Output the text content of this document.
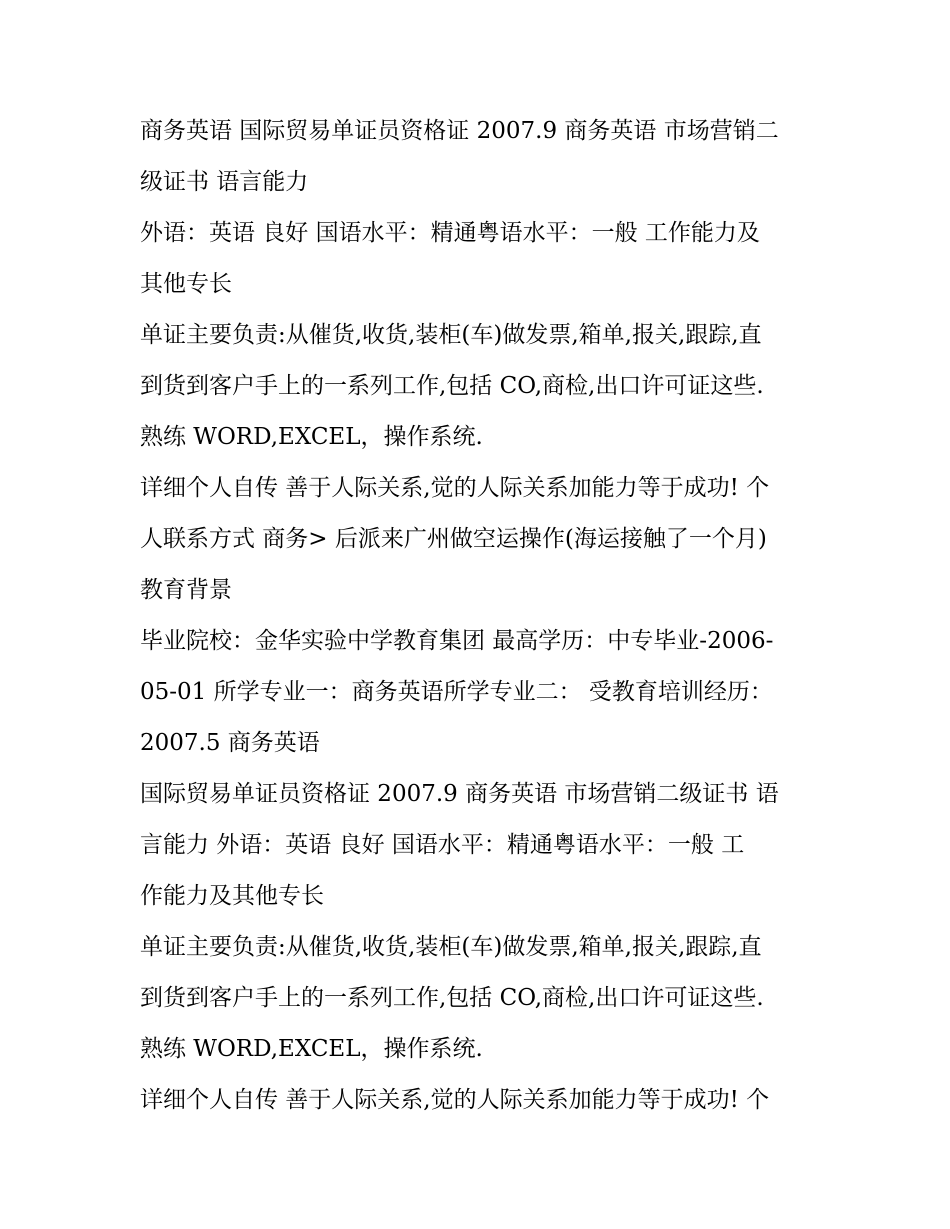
商务英语 国际贸易单证员资格证 2007.9 商务英语 市场营销二
级证书 语言能力
外语：英语 良好 国语水平：精通粤语水平：一般 工作能力及
其他专长
单证主要负责:从催货,收货,装柜(车)做发票,箱单,报关,跟踪,直
到货到客户手上的一系列工作,包括 CO,商检,出口许可证这些.
熟练 WORD,EXCEL，操作系统.
详细个人自传 善于人际关系,觉的人际关系加能力等于成功! 个
人联系方式 商务> 后派来广州做空运操作(海运接触了一个月)
教育背景
毕业院校：金华实验中学教育集团 最高学历：中专毕业-2006-
05-01 所学专业一：商务英语所学专业二： 受教育培训经历：
2007.5 商务英语
国际贸易单证员资格证 2007.9 商务英语 市场营销二级证书 语
言能力 外语：英语 良好 国语水平：精通粤语水平：一般 工
作能力及其他专长
单证主要负责:从催货,收货,装柜(车)做发票,箱单,报关,跟踪,直
到货到客户手上的一系列工作,包括 CO,商检,出口许可证这些.
熟练 WORD,EXCEL，操作系统.
详细个人自传 善于人际关系,觉的人际关系加能力等于成功! 个
